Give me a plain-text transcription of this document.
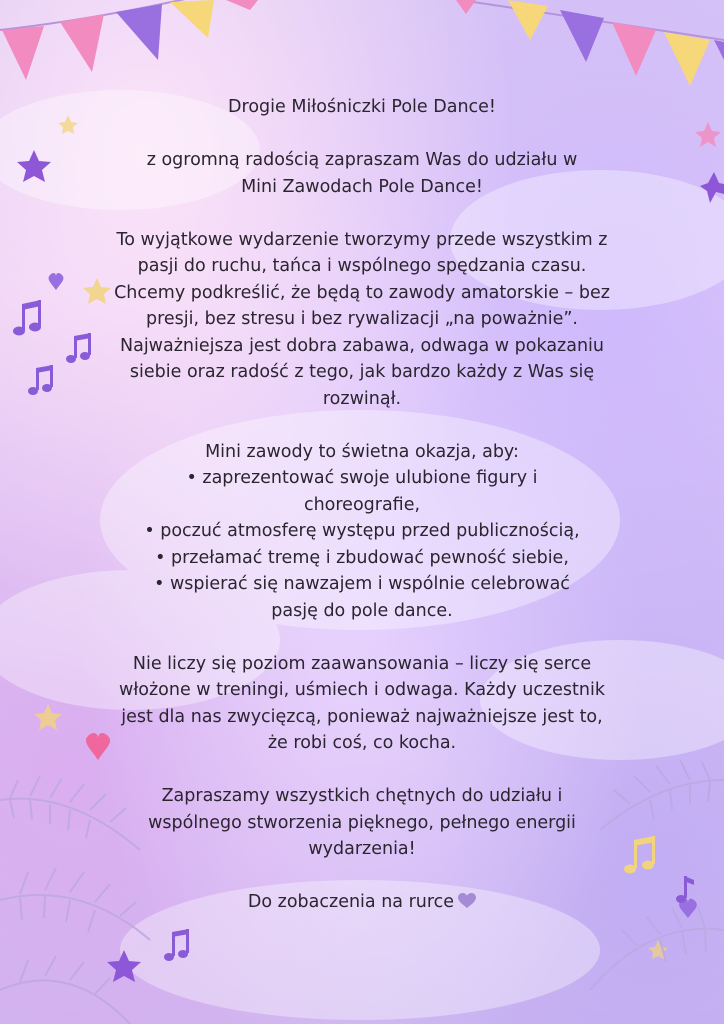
Drogie Miłośniczki Pole Dance!

z ogromną radością zapraszam Was do udziału w Mini Zawodach Pole Dance!

To wyjątkowe wydarzenie tworzymy przede wszystkim z pasji do ruchu, tańca i wspólnego spędzania czasu. Chcemy podkreślić, że będą to zawody amatorskie – bez presji, bez stresu i bez rywalizacji „na poważnie”. Najważniejsza jest dobra zabawa, odwaga w pokazaniu siebie oraz radość z tego, jak bardzo każdy z Was się rozwinął.

Mini zawody to świetna okazja, aby:

• zaprezentować swoje ulubione figury i choreografie,
• poczuć atmosferę występu przed publicznością,
• przełamać tremę i zbudować pewność siebie,
• wspierać się nawzajem i wspólnie celebrować pasję do pole dance.

Nie liczy się poziom zaawansowania – liczy się serce włożone w treningi, uśmiech i odwaga. Każdy uczestnik jest dla nas zwycięzcą, ponieważ najważniejsze jest to, że robi coś, co kocha.

Zapraszamy wszystkich chętnych do udziału i wspólnego stworzenia pięknego, pełnego energii wydarzenia!

Do zobaczenia na rurce
